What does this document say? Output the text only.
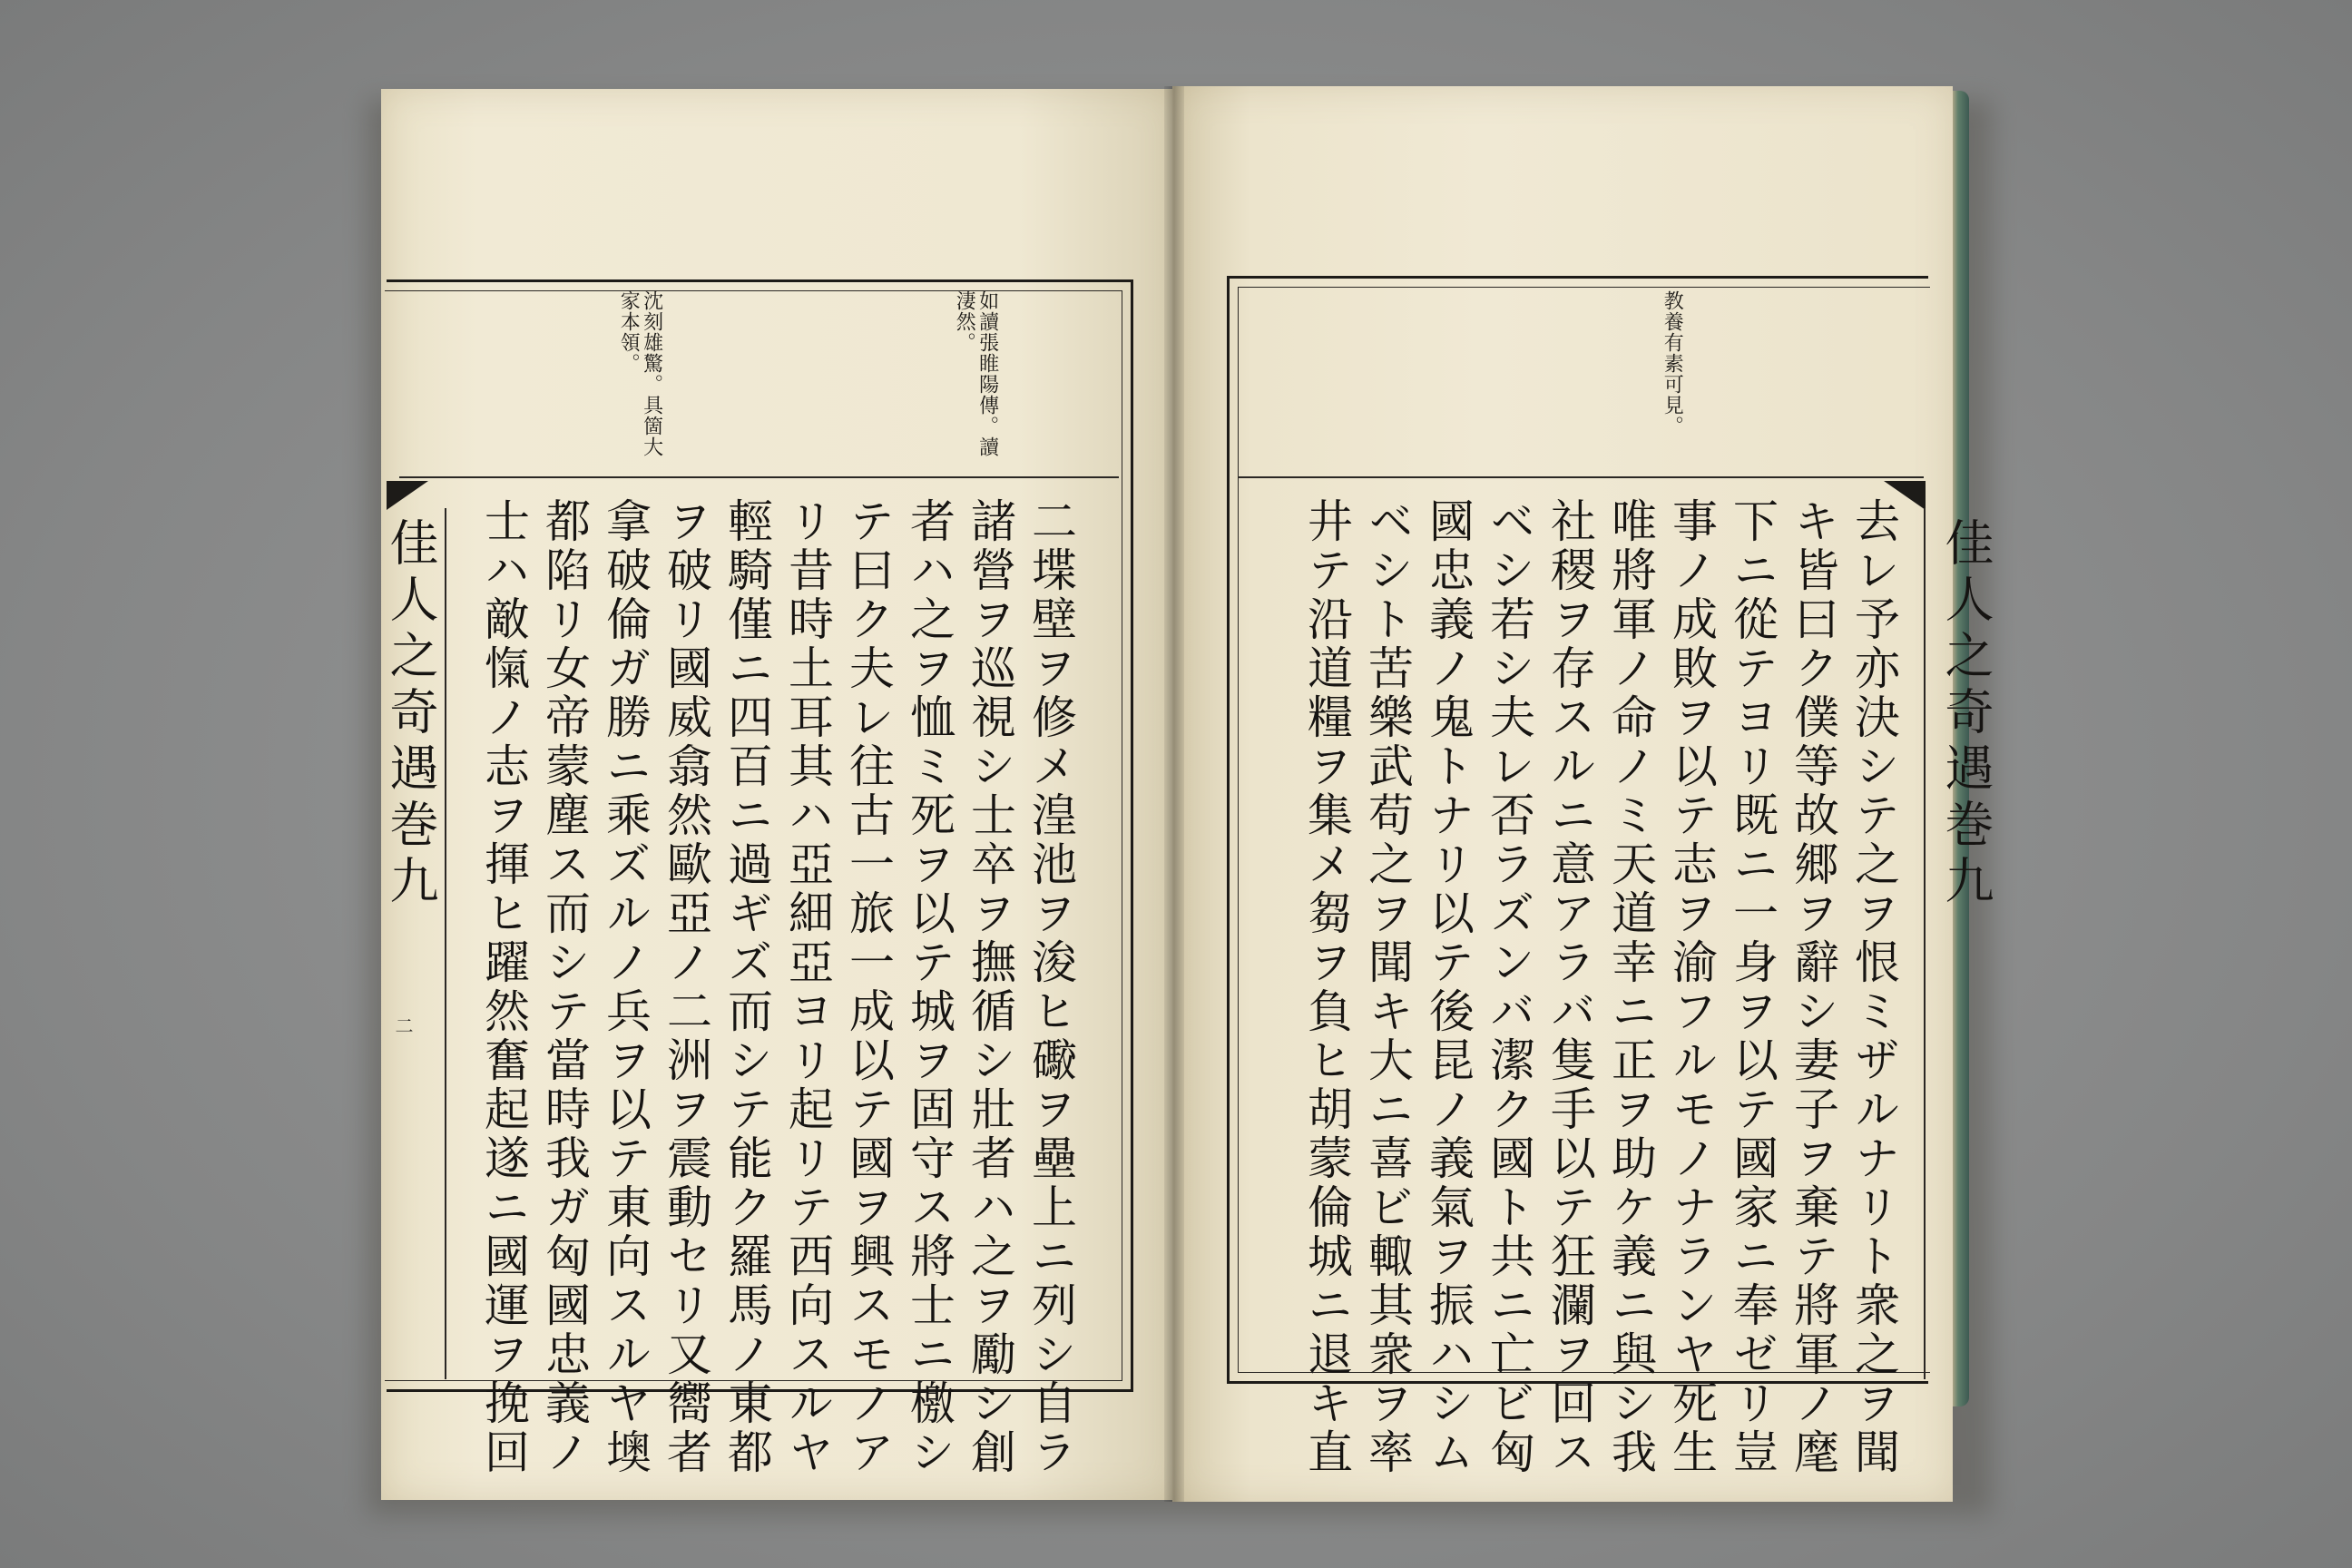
佳人之奇遇巻九
二
如讀張睢陽傳。讀淒然。
沈刻雄驚。具箇大家本領。
二堞壁ヲ修メ湟池ヲ浚ヒ礮ヲ壘上ニ列シ自ラ
諸營ヲ巡視シ士卒ヲ撫循シ壯者ハ之ヲ勵シ創
者ハ之ヲ恤ミ死ヲ以テ城ヲ固守ス將士ニ檄シ
テ曰ク夫レ往古一旅一成以テ國ヲ興スモノア
リ昔時土耳其ハ亞細亞ヨリ起リテ西向スルヤ
輕騎僅ニ四百ニ過ギズ而シテ能ク羅馬ノ東都
ヲ破リ國威翕然歐亞ノ二洲ヲ震動セリ又嚮者
拿破倫ガ勝ニ乘ズルノ兵ヲ以テ東向スルヤ墺
都陷リ女帝蒙塵ス而シテ當時我ガ匈國忠義ノ
士ハ敵愾ノ志ヲ揮ヒ躍然奮起遂ニ國運ヲ挽回	佳人之奇遇巻九
教養有素可見。
去レ予亦決シテ之ヲ恨ミザルナリト衆之ヲ聞
キ皆曰ク僕等故郷ヲ辭シ妻子ヲ棄テ將軍ノ麾
下ニ從テヨリ既ニ一身ヲ以テ國家ニ奉ゼリ豈
事ノ成敗ヲ以テ志ヲ渝フルモノナランヤ死生
唯將軍ノ命ノミ天道幸ニ正ヲ助ケ義ニ與シ我
社稷ヲ存スルニ意アラバ隻手以テ狂瀾ヲ回ス
ベシ若シ夫レ否ラズンバ潔ク國ト共ニ亡ビ匈
國忠義ノ鬼トナリ以テ後昆ノ義氣ヲ振ハシム
ベシト苦樂武苟之ヲ聞キ大ニ喜ビ輙其衆ヲ率
井テ沿道糧ヲ集メ芻ヲ負ヒ胡蒙倫城ニ退キ直
